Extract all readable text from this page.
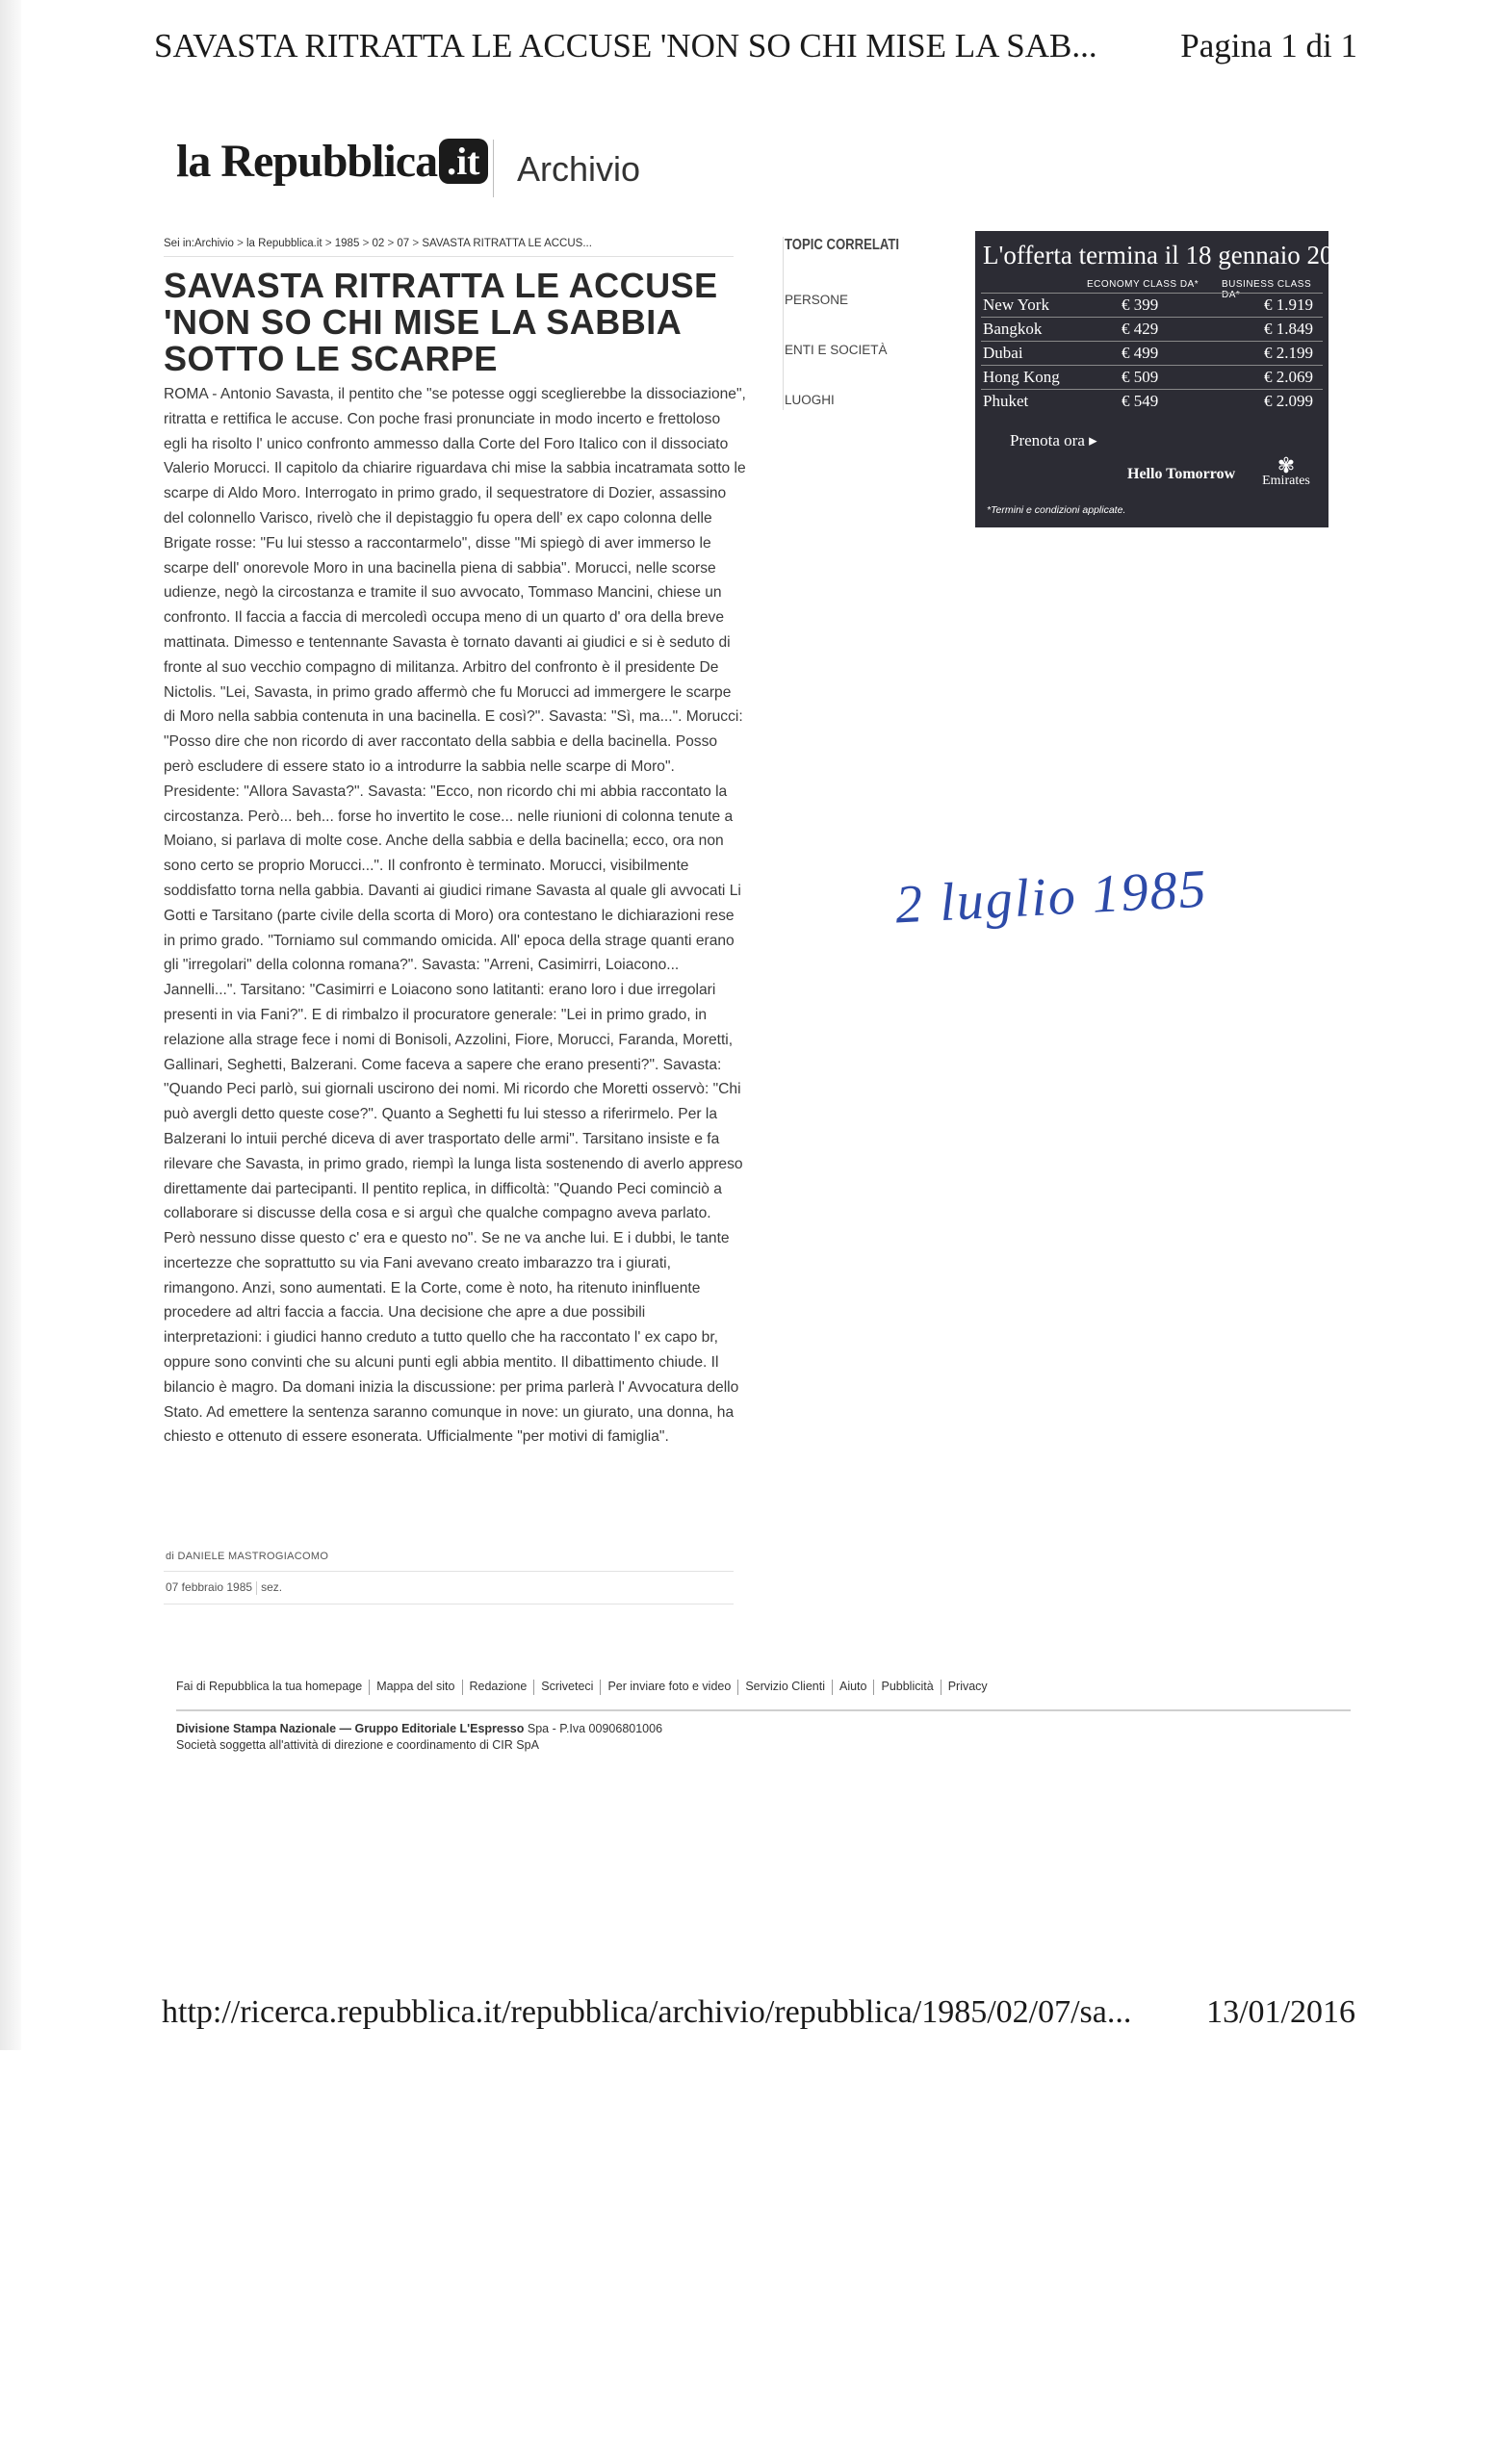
SAVASTA RITRATTA LE ACCUSE 'NON SO CHI MISE LA SAB... Pagina 1 di 1
la Repubblica .it Archivio
Sei in:Archivio > la Repubblica.it > 1985 > 02 > 07 > SAVASTA RITRATTA LE ACCUS...
SAVASTA RITRATTA LE ACCUSE 'NON SO CHI MISE LA SABBIA SOTTO LE SCARPE

ROMA - Antonio Savasta, il pentito che "se potesse oggi sceglierebbe la dissociazione", ritratta e rettifica le accuse. Con poche frasi pronunciate in modo incerto e frettoloso egli ha risolto l' unico confronto ammesso dalla Corte del Foro Italico con il dissociato Valerio Morucci. Il capitolo da chiarire riguardava chi mise la sabbia incatramata sotto le scarpe di Aldo Moro. Interrogato in primo grado, il sequestratore di Dozier, assassino del colonnello Varisco, rivelò che il depistaggio fu opera dell' ex capo colonna delle Brigate rosse: "Fu lui stesso a raccontarmelo", disse "Mi spiegò di aver immerso le scarpe dell' onorevole Moro in una bacinella piena di sabbia". Morucci, nelle scorse udienze, negò la circostanza e tramite il suo avvocato, Tommaso Mancini, chiese un confronto. Il faccia a faccia di mercoledì occupa meno di un quarto d' ora della breve mattinata. Dimesso e tentennante Savasta è tornato davanti ai giudici e si è seduto di fronte al suo vecchio compagno di militanza. Arbitro del confronto è il presidente De Nictolis. "Lei, Savasta, in primo grado affermò che fu Morucci ad immergere le scarpe di Moro nella sabbia contenuta in una bacinella. E così?". Savasta: "Sì, ma...". Morucci: "Posso dire che non ricordo di aver raccontato della sabbia e della bacinella. Posso però escludere di essere stato io a introdurre la sabbia nelle scarpe di Moro". Presidente: "Allora Savasta?". Savasta: "Ecco, non ricordo chi mi abbia raccontato la circostanza. Però... beh... forse ho invertito le cose... nelle riunioni di colonna tenute a Moiano, si parlava di molte cose. Anche della sabbia e della bacinella; ecco, ora non sono certo se proprio Morucci...". Il confronto è terminato. Morucci, visibilmente soddisfatto torna nella gabbia. Davanti ai giudici rimane Savasta al quale gli avvocati Li Gotti e Tarsitano (parte civile della scorta di Moro) ora contestano le dichiarazioni rese in primo grado. "Torniamo sul commando omicida. All' epoca della strage quanti erano gli "irregolari" della colonna romana?". Savasta: "Arreni, Casimirri, Loiacono... Jannelli...". Tarsitano: "Casimirri e Loiacono sono latitanti: erano loro i due irregolari presenti in via Fani?". E di rimbalzo il procuratore generale: "Lei in primo grado, in relazione alla strage fece i nomi di Bonisoli, Azzolini, Fiore, Morucci, Faranda, Moretti, Gallinari, Seghetti, Balzerani. Come faceva a sapere che erano presenti?". Savasta: "Quando Peci parlò, sui giornali uscirono dei nomi. Mi ricordo che Moretti osservò: "Chi può avergli detto queste cose?". Quanto a Seghetti fu lui stesso a riferirmelo. Per la Balzerani lo intuii perché diceva di aver trasportato delle armi". Tarsitano insiste e fa rilevare che Savasta, in primo grado, riempì la lunga lista sostenendo di averlo appreso direttamente dai partecipanti. Il pentito replica, in difficoltà: "Quando Peci cominciò a collaborare si discusse della cosa e si arguì che qualche compagno aveva parlato. Però nessuno disse questo c' era e questo no". Se ne va anche lui. E i dubbi, le tante incertezze che soprattutto su via Fani avevano creato imbarazzo tra i giurati, rimangono. Anzi, sono aumentati. E la Corte, come è noto, ha ritenuto ininfluente procedere ad altri faccia a faccia. Una decisione che apre a due possibili interpretazioni: i giudici hanno creduto a tutto quello che ha raccontato l' ex capo br, oppure sono convinti che su alcuni punti egli abbia mentito. Il dibattimento chiude. Il bilancio è magro. Da domani inizia la discussione: per prima parlerà l' Avvocatura dello Stato. Ad emettere la sentenza saranno comunque in nove: un giurato, una donna, ha chiesto e ottenuto di essere esonerata. Ufficialmente "per motivi di famiglia".

di DANIELE MASTROGIACOMO
07 febbraio 1985 sez.
TOPIC CORRELATI
PERSONE
ENTI E SOCIETÀ
LUOGHI
L'offerta termina il 18 gennaio 2016.
ECONOMY CLASS DA* BUSINESS CLASS DA*
New York	€ 399	€ 1.919
Bangkok	€ 429	€ 1.849
Dubai	€ 499	€ 2.199
Hong Kong	€ 509	€ 2.069
Phuket	€ 549	€ 2.099
Prenota ora ▸
Hello Tomorrow	✾
Emirates
*Termini e condizioni applicate.
2 luglio 1985
Fai di Repubblica la tua homepage Mappa del sito Redazione Scriveteci Per inviare foto e video Servizio Clienti Aiuto Pubblicità Privacy
Divisione Stampa Nazionale — Gruppo Editoriale L'Espresso Spa - P.Iva 00906801006
Società soggetta all'attività di direzione e coordinamento di CIR SpA
http://ricerca.repubblica.it/repubblica/archivio/repubblica/1985/02/07/sa... 13/01/2016
